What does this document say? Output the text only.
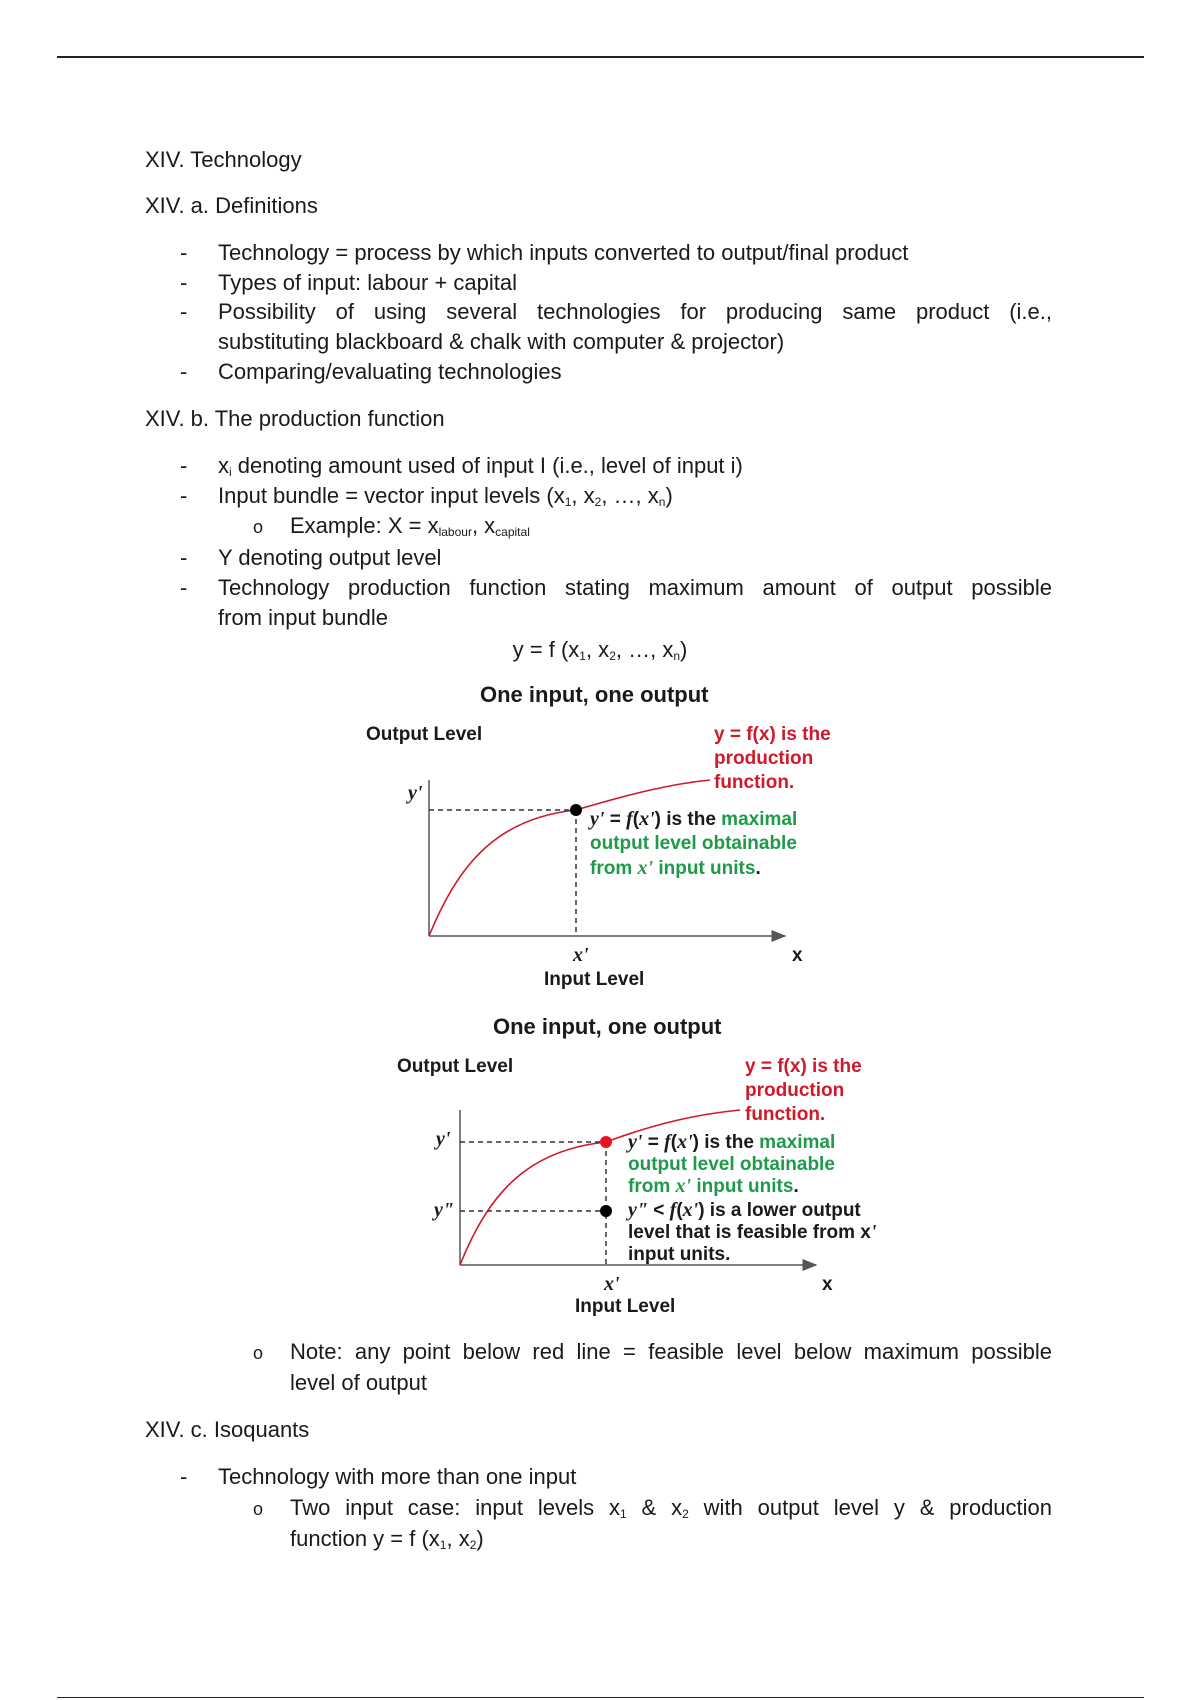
XIV. Technology
XIV. a. Definitions
- Technology = process by which inputs converted to output/final product
- Types of input: labour + capital
- Possibility of using several technologies for producing same product (i.e.,
substituting blackboard & chalk with computer & projector)
- Comparing/evaluating technologies
XIV. b. The production function
- $x_i$ denoting amount used of input I (i.e., level of input i)
- Input bundle = vector input levels ($x_1$, $x_2$, …, $x_n$)
o Example: $X = x_{labour}$, $x_{capital}$
- Y denoting output level
- Technology production function stating maximum amount of output possible
from input bundle
y = f ($x_1$, $x_2$, …, $x_n$)
One input, one output
Output Level
Input Level
x
y'
x'
y = f(x) is the
production
function.
y' = f(x') is the maximal
output level obtainable
from x' input units.
Output Level
Input Level
x
y'
y"
x'
y = f(x) is the
production
function.
y' = f(x') is the maximal
output level obtainable
from x' input units.
y" < f(x') is a lower output
level that is feasible from x'
input units.
One input, one output
o Note: any point below red line = feasible level below maximum possible
level of output
XIV. c. Isoquants
- Technology with more than one input
o Two input case: input levels $x_1$ & $x_2$ with output level y & production
function y = f ($x_1$, $x_2$)
